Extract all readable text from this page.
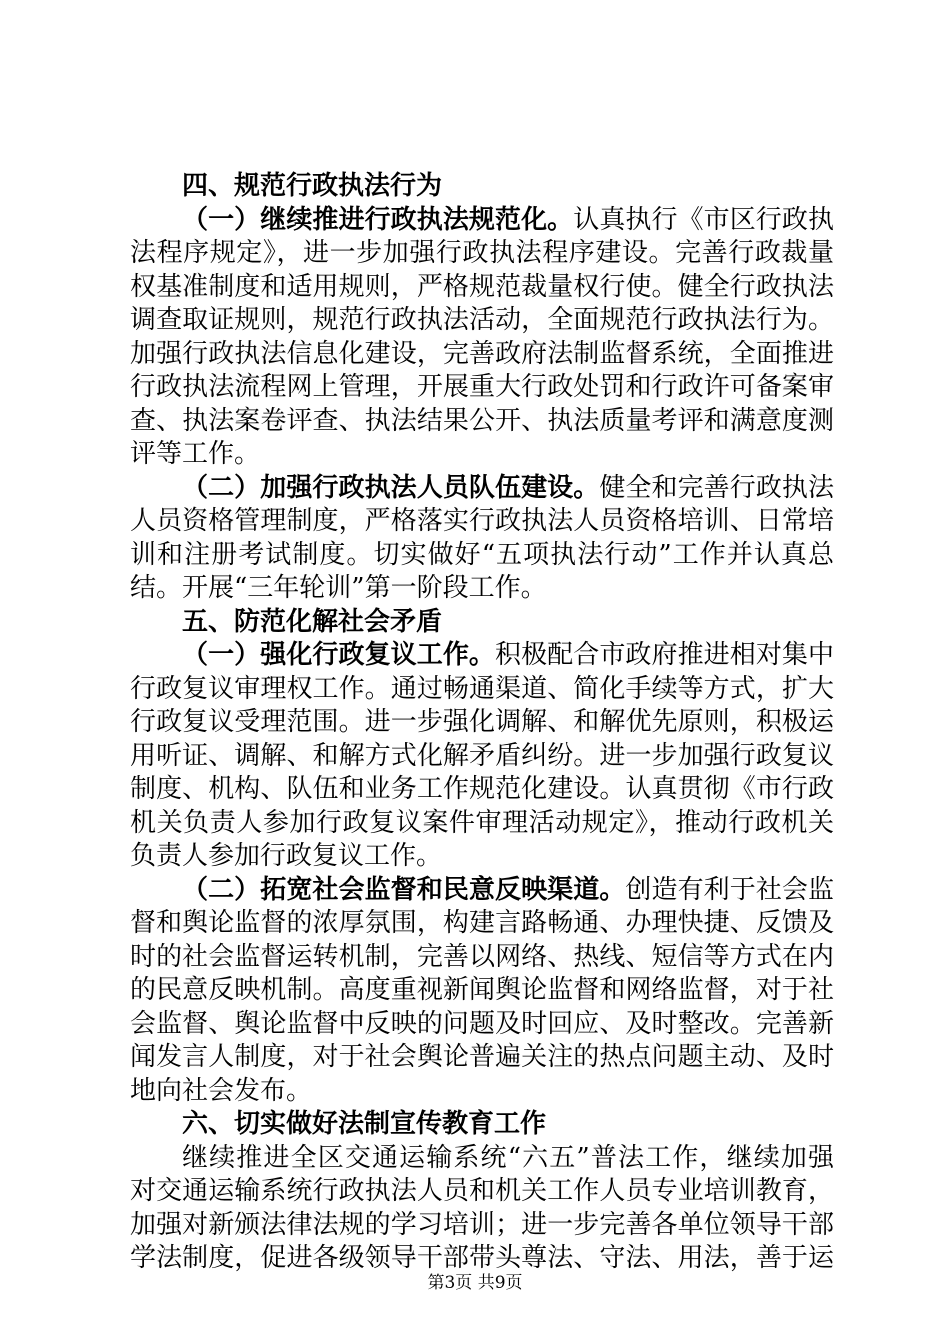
四、规范行政执法行为
（一）继续推进行政执法规范化。认真执行《市区行政执
法程序规定》，进一步加强行政执法程序建设。完善行政裁量
权基准制度和适用规则，严格规范裁量权行使。健全行政执法
调查取证规则，规范行政执法活动，全面规范行政执法行为。
加强行政执法信息化建设，完善政府法制监督系统，全面推进
行政执法流程网上管理，开展重大行政处罚和行政许可备案审
查、执法案卷评查、执法结果公开、执法质量考评和满意度测
评等工作。
（二）加强行政执法人员队伍建设。健全和完善行政执法
人员资格管理制度，严格落实行政执法人员资格培训、日常培
训和注册考试制度。切实做好“五项执法行动”工作并认真总
结。开展“三年轮训”第一阶段工作。
五、防范化解社会矛盾
（一）强化行政复议工作。积极配合市政府推进相对集中
行政复议审理权工作。通过畅通渠道、简化手续等方式，扩大
行政复议受理范围。进一步强化调解、和解优先原则，积极运
用听证、调解、和解方式化解矛盾纠纷。进一步加强行政复议
制度、机构、队伍和业务工作规范化建设。认真贯彻《市行政
机关负责人参加行政复议案件审理活动规定》，推动行政机关
负责人参加行政复议工作。
（二）拓宽社会监督和民意反映渠道。创造有利于社会监
督和舆论监督的浓厚氛围，构建言路畅通、办理快捷、反馈及
时的社会监督运转机制，完善以网络、热线、短信等方式在内
的民意反映机制。高度重视新闻舆论监督和网络监督，对于社
会监督、舆论监督中反映的问题及时回应、及时整改。完善新
闻发言人制度，对于社会舆论普遍关注的热点问题主动、及时
地向社会发布。
六、切实做好法制宣传教育工作
继续推进全区交通运输系统“六五”普法工作，继续加强
对交通运输系统行政执法人员和机关工作人员专业培训教育，
加强对新颁法律法规的学习培训；进一步完善各单位领导干部
学法制度，促进各级领导干部带头尊法、守法、用法，善于运
第3页 共9页
